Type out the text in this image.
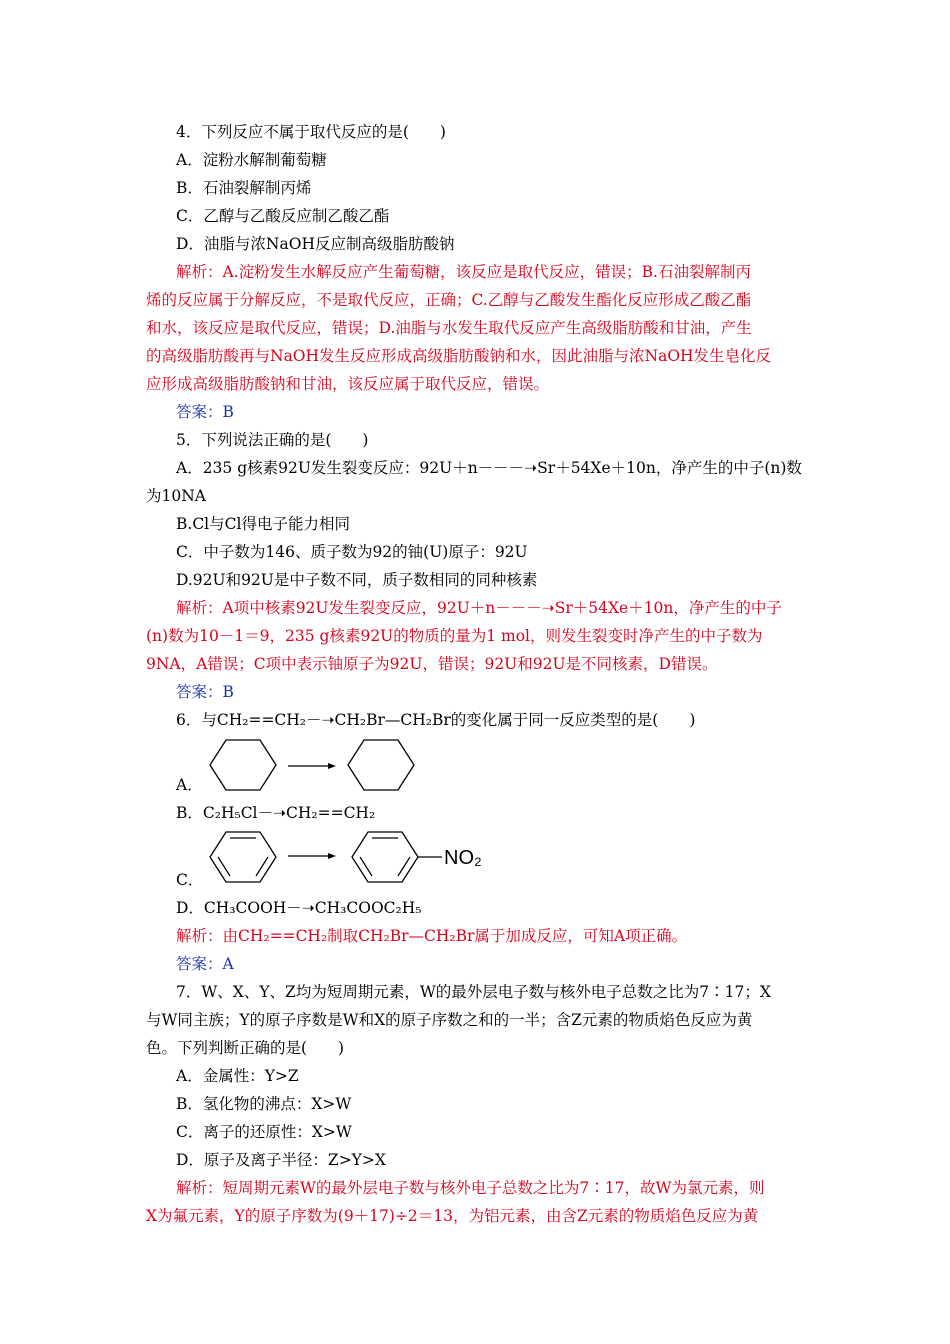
4．下列反应不属于取代反应的是(　　)
A．淀粉水解制葡萄糖
B．石油裂解制丙烯
C．乙醇与乙酸反应制乙酸乙酯
D．油脂与浓NaOH反应制高级脂肪酸钠
解析：A.淀粉发生水解反应产生葡萄糖，该反应是取代反应，错误；B.石油裂解制丙
烯的反应属于分解反应，不是取代反应，正确；C.乙醇与乙酸发生酯化反应形成乙酸乙酯
和水，该反应是取代反应，错误；D.油脂与水发生取代反应产生高级脂肪酸和甘油，产生
的高级脂肪酸再与NaOH发生反应形成高级脂肪酸钠和水，因此油脂与浓NaOH发生皂化反
应形成高级脂肪酸钠和甘油，该反应属于取代反应，错误。
答案：B
5．下列说法正确的是(　　)
A．235 g核素92U发生裂变反应：92U＋n－－－➝Sr＋54Xe＋10n，净产生的中子(n)数
为10NA
B.Cl与Cl得电子能力相同
C．中子数为146、质子数为92的铀(U)原子：92U
D.92U和92U是中子数不同，质子数相同的同种核素
解析：A项中核素92U发生裂变反应，92U＋n－－－➝Sr＋54Xe＋10n，净产生的中子
(n)数为10－1＝9，235 g核素92U的物质的量为1 mol，则发生裂变时净产生的中子数为
9NA，A错误；C项中表示铀原子为92U，错误；92U和92U是不同核素，D错误。
答案：B
6．与CH₂==CH₂－➝CH₂Br—CH₂Br的变化属于同一反应类型的是(　　)
A．
B．C₂H₅Cl－➝CH₂==CH₂
C．
NO₂
D．CH₃COOH－➝CH₃COOC₂H₅
解析：由CH₂==CH₂制取CH₂Br—CH₂Br属于加成反应，可知A项正确。
答案：A
7．W、X、Y、Z均为短周期元素，W的最外层电子数与核外电子总数之比为7∶17；X
与W同主族；Y的原子序数是W和X的原子序数之和的一半；含Z元素的物质焰色反应为黄
色。下列判断正确的是(　　)
A．金属性：Y>Z
B．氢化物的沸点：X>W
C．离子的还原性：X>W
D．原子及离子半径：Z>Y>X
解析：短周期元素W的最外层电子数与核外电子总数之比为7∶17，故W为氯元素，则
X为氟元素，Y的原子序数为(9＋17)÷2＝13，为铝元素，由含Z元素的物质焰色反应为黄
